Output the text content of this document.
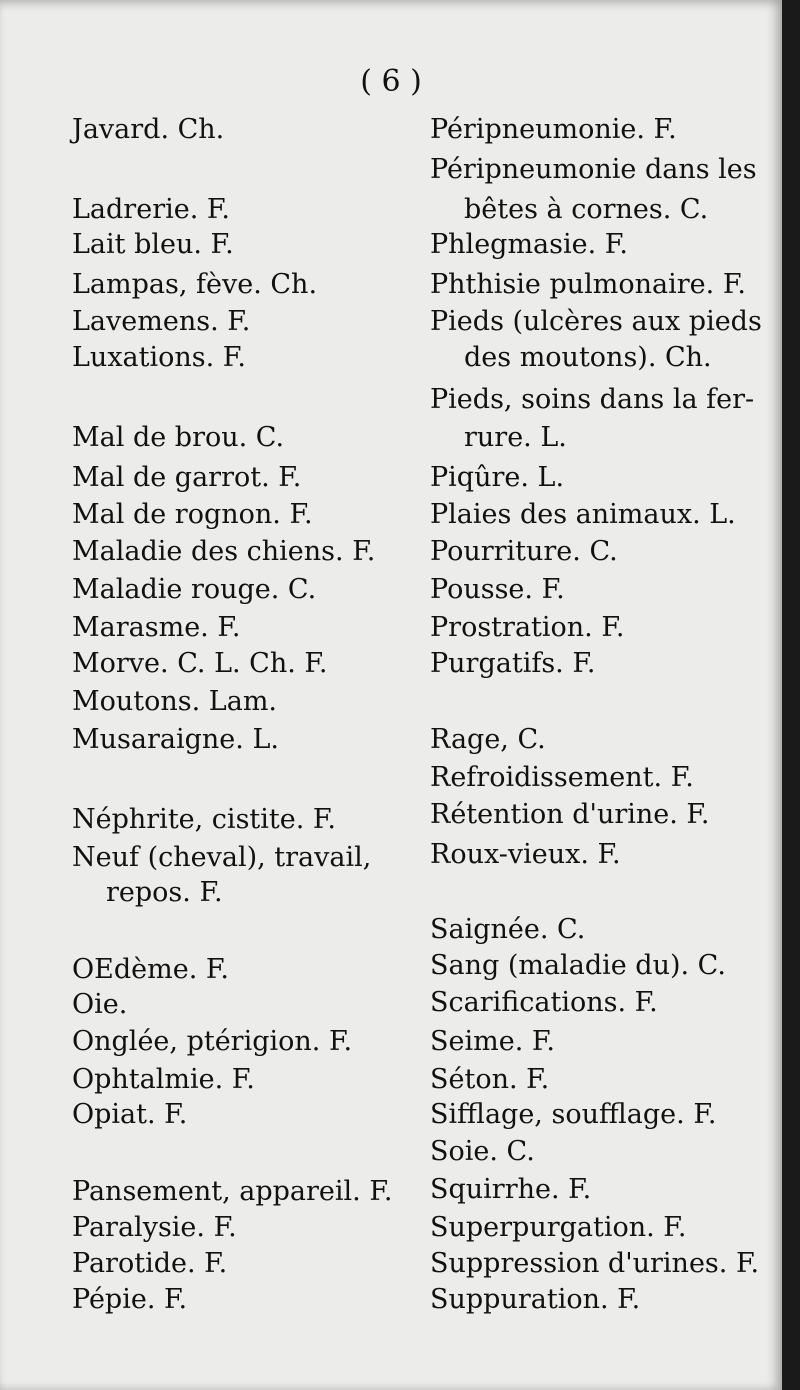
( 6 )
Javard. Ch.
Ladrerie. F.
Lait bleu. F.
Lampas, fève. Ch.
Lavemens. F.
Luxations. F.
Mal de brou. C.
Mal de garrot. F.
Mal de rognon. F.
Maladie des chiens. F.
Maladie rouge. C.
Marasme. F.
Morve. C. L. Ch. F.
Moutons. Lam.
Musaraigne. L.
Néphrite, cistite. F.
Neuf (cheval), travail,
repos. F.
OEdème. F.
Oie.
Onglée, ptérigion. F.
Ophtalmie. F.
Opiat. F.
Pansement, appareil. F.
Paralysie. F.
Parotide. F.
Pépie. F.
Péripneumonie. F.
Péripneumonie dans les
bêtes à cornes. C.
Phlegmasie. F.
Phthisie pulmonaire. F.
Pieds (ulcères aux pieds
des moutons). Ch.
Pieds, soins dans la fer-
rure. L.
Piqûre. L.
Plaies des animaux. L.
Pourriture. C.
Pousse. F.
Prostration. F.
Purgatifs. F.
Rage, C.
Refroidissement. F.
Rétention d'urine. F.
Roux-vieux. F.
Saignée. C.
Sang (maladie du). C.
Scarifications. F.
Seime. F.
Séton. F.
Sifflage, soufflage. F.
Soie. C.
Squirrhe. F.
Superpurgation. F.
Suppression d'urines. F.
Suppuration. F.
